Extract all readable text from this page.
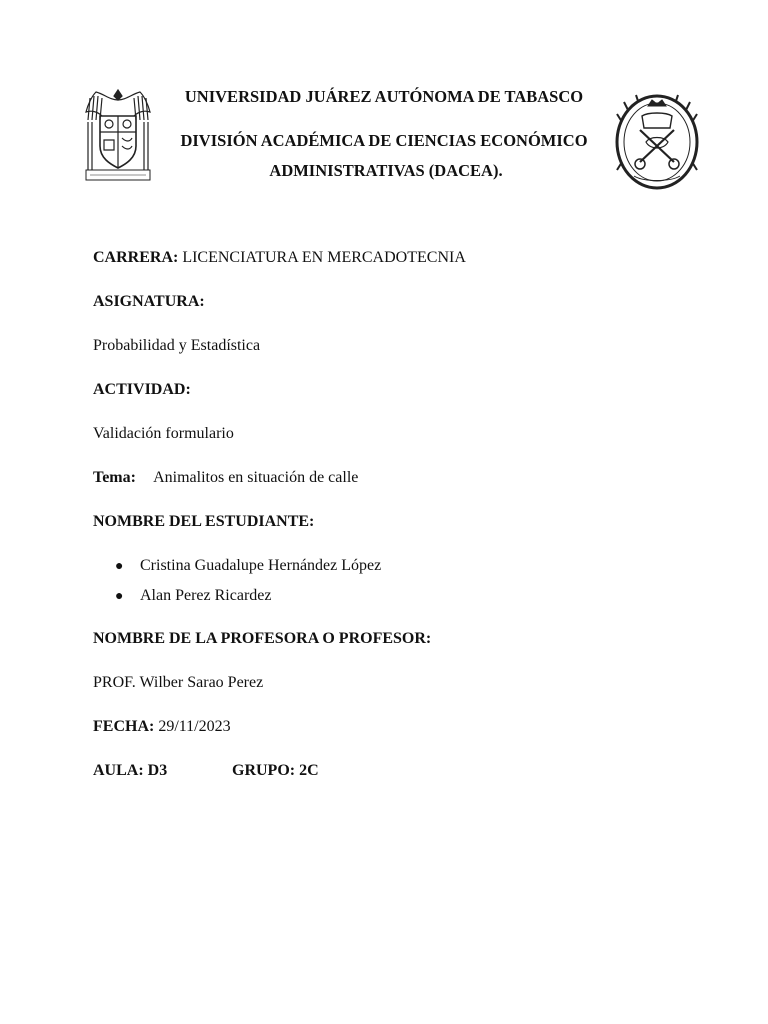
UNIVERSIDAD JUÁREZ AUTÓNOMA DE TABASCO
DIVISIÓN ACADÉMICA DE CIENCIAS ECONÓMICO
ADMINISTRATIVAS (DACEA).
CARRERA: LICENCIATURA EN MERCADOTECNIA
ASIGNATURA:
Probabilidad y Estadística
ACTIVIDAD:
Validación formulario
Tema: Animalitos en situación de calle
NOMBRE DEL ESTUDIANTE:
● Cristina Guadalupe Hernández López
● Alan Perez Ricardez
NOMBRE DE LA PROFESORA O PROFESOR:
PROF. Wilber Sarao Perez
FECHA: 29/11/2023
AULA: D3	GRUPO: 2C
